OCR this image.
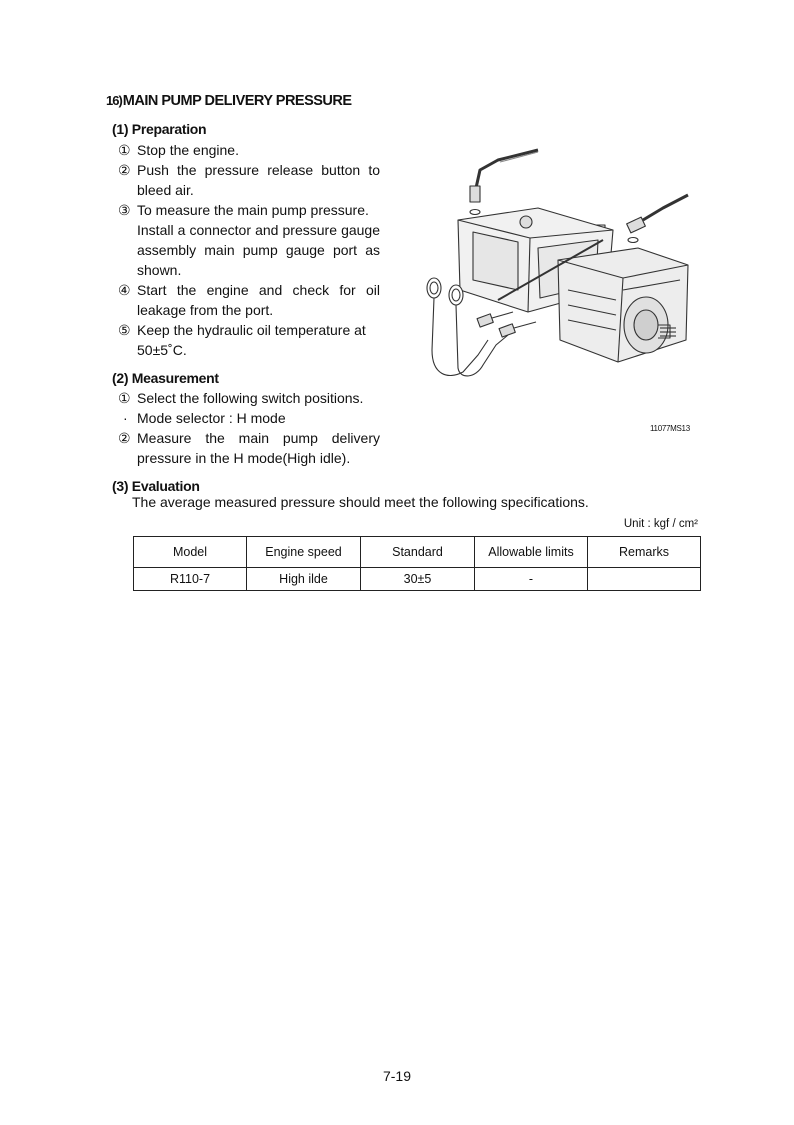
16)MAIN PUMP DELIVERY PRESSURE
(1) Preparation
① Stop the engine.
② Push the pressure release button to
bleed air.
③ To measure the main pump pressure.
Install a connector and pressure gauge
assembly main pump gauge port as
shown.
④ Start the engine and check for oil
leakage from the port.
⑤ Keep the hydraulic oil temperature at
50±5˚C.
(2) Measurement
① Select the following switch positions.
· Mode selector : H mode
② Measure the main pump delivery
pressure in the H mode(High idle).
(3) Evaluation
The average measured pressure should meet the following specifications.
Unit : kgf / cm²
Model	Engine speed	Standard	Allowable limits	Remarks
R110-7	High ilde	30±5	-	
11077MS13
7-19
